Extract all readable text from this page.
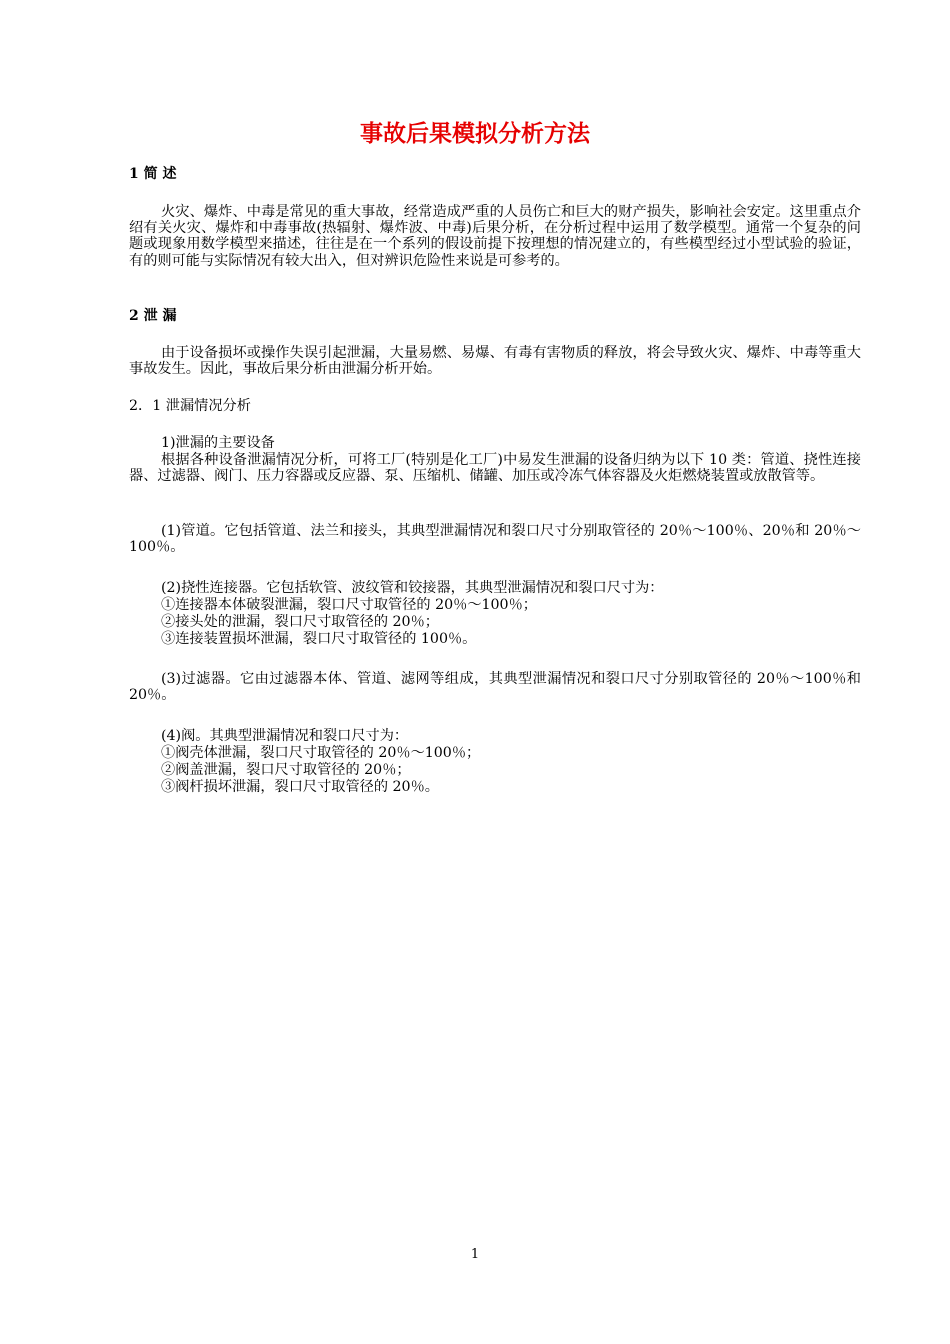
事故后果模拟分析方法
1 简 述
火灾、爆炸、中毒是常见的重大事故，经常造成严重的人员伤亡和巨大的财产损失，影响社会安定。这里重点介绍有关火灾、爆炸和中毒事故(热辐射、爆炸波、中毒)后果分析，在分析过程中运用了数学模型。通常一个复杂的问题或现象用数学模型来描述，往往是在一个系列的假设前提下按理想的情况建立的，有些模型经过小型试验的验证，有的则可能与实际情况有较大出入，但对辨识危险性来说是可参考的。
2 泄 漏
由于设备损坏或操作失误引起泄漏，大量易燃、易爆、有毒有害物质的释放，将会导致火灾、爆炸、中毒等重大事故发生。因此，事故后果分析由泄漏分析开始。
2．1 泄漏情况分析
1)泄漏的主要设备
根据各种设备泄漏情况分析，可将工厂(特别是化工厂)中易发生泄漏的设备归纳为以下 10 类：管道、挠性连接器、过滤器、阀门、压力容器或反应器、泵、压缩机、储罐、加压或冷冻气体容器及火炬燃烧装置或放散管等。
(1)管道。它包括管道、法兰和接头，其典型泄漏情况和裂口尺寸分别取管径的 20％～100％、20％和 20％～100％。
(2)挠性连接器。它包括软管、波纹管和铰接器，其典型泄漏情况和裂口尺寸为：
①连接器本体破裂泄漏，裂口尺寸取管径的 20％～100％；
②接头处的泄漏，裂口尺寸取管径的 20％；
③连接装置损坏泄漏，裂口尺寸取管径的 100％。
(3)过滤器。它由过滤器本体、管道、滤网等组成，其典型泄漏情况和裂口尺寸分别取管径的 20％～100％和 20％。
(4)阀。其典型泄漏情况和裂口尺寸为：
①阀壳体泄漏，裂口尺寸取管径的 20％～100％；
②阀盖泄漏，裂口尺寸取管径的 20％；
③阀杆损坏泄漏，裂口尺寸取管径的 20％。
1
